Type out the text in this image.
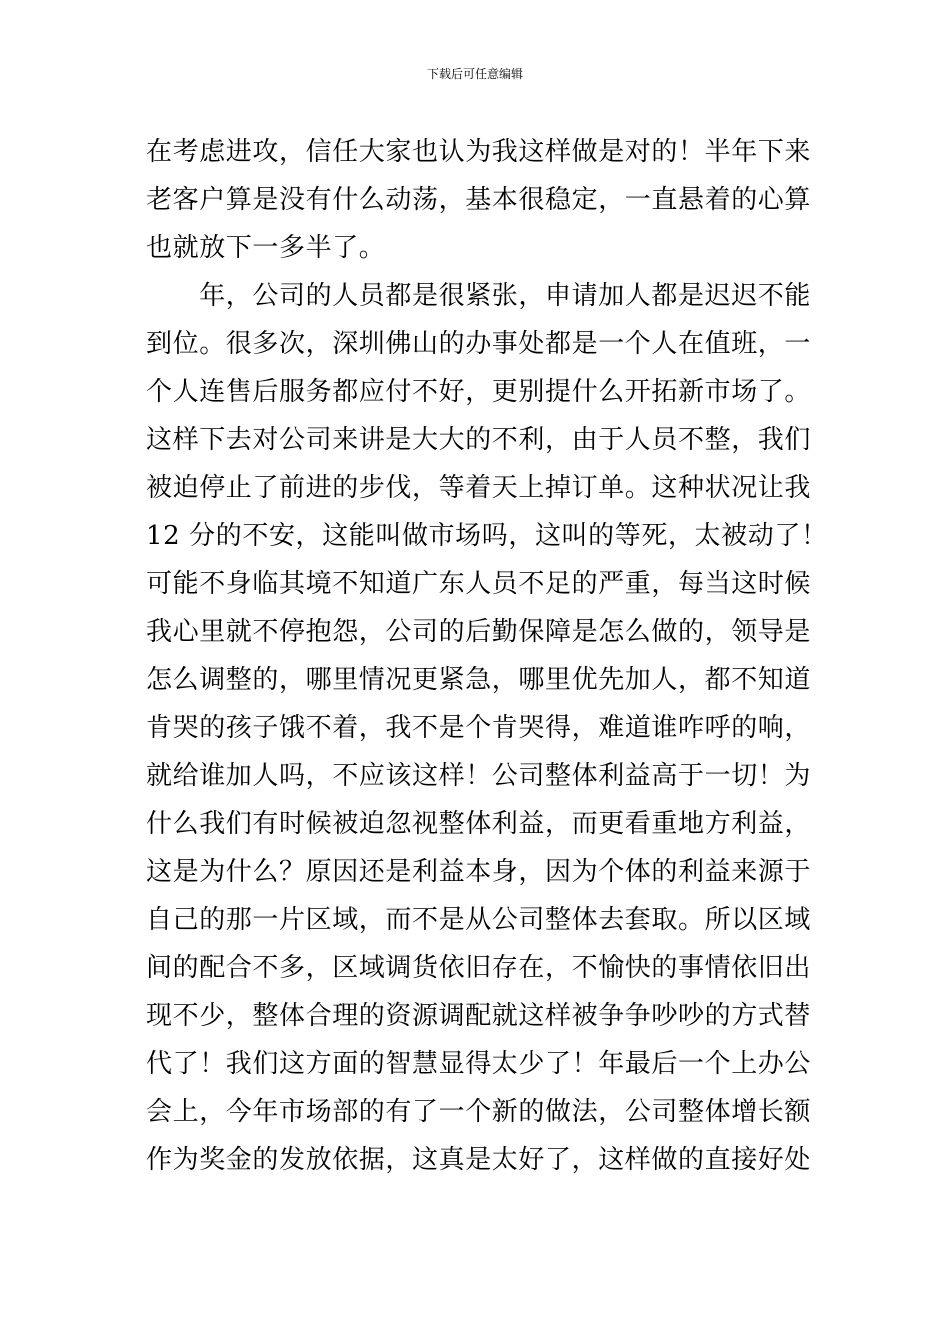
下载后可任意编辑
在考虑进攻，信任大家也认为我这样做是对的！半年下来
老客户算是没有什么动荡，基本很稳定，一直悬着的心算
也就放下一多半了。
　　年，公司的人员都是很紧张，申请加人都是迟迟不能
到位。很多次，深圳佛山的办事处都是一个人在值班，一
个人连售后服务都应付不好，更别提什么开拓新市场了。
这样下去对公司来讲是大大的不利，由于人员不整，我们
被迫停止了前进的步伐，等着天上掉订单。这种状况让我
12 分的不安，这能叫做市场吗，这叫的等死，太被动了！
可能不身临其境不知道广东人员不足的严重，每当这时候
我心里就不停抱怨，公司的后勤保障是怎么做的，领导是
怎么调整的，哪里情况更紧急，哪里优先加人，都不知道
肯哭的孩子饿不着，我不是个肯哭得，难道谁咋呼的响，
就给谁加人吗，不应该这样！公司整体利益高于一切！为
什么我们有时候被迫忽视整体利益，而更看重地方利益，
这是为什么？原因还是利益本身，因为个体的利益来源于
自己的那一片区域，而不是从公司整体去套取。所以区域
间的配合不多，区域调货依旧存在，不愉快的事情依旧出
现不少，整体合理的资源调配就这样被争争吵吵的方式替
代了！我们这方面的智慧显得太少了！年最后一个上办公
会上，今年市场部的有了一个新的做法，公司整体增长额
作为奖金的发放依据，这真是太好了，这样做的直接好处
